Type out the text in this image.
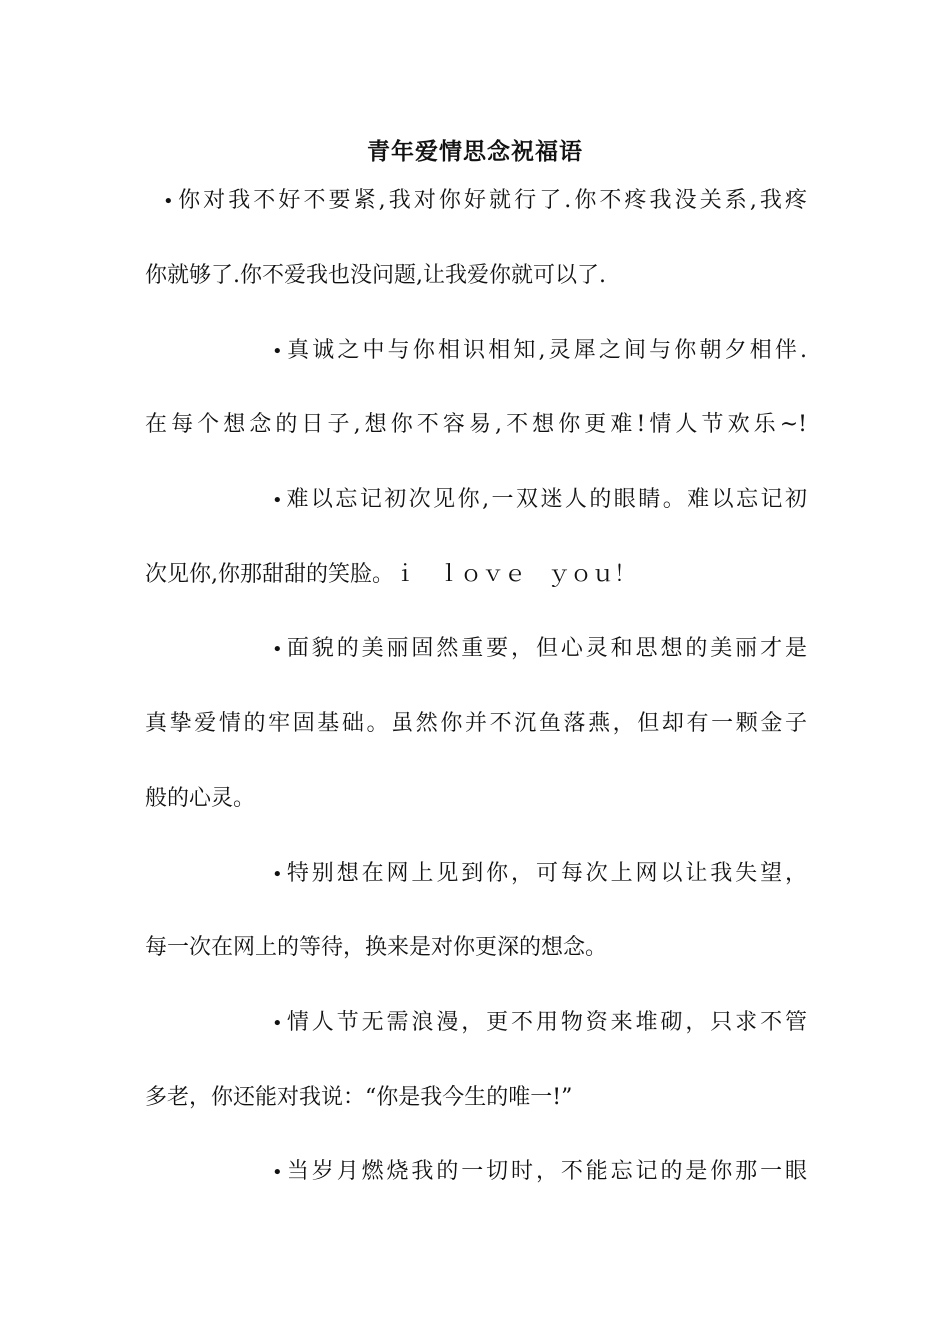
青年爱情思念祝福语
•你对我不好不要紧,我对你好就行了.你不疼我没关系,我疼
你就够了.你不爱我也没问题,让我爱你就可以了.
•真诚之中与你相识相知,灵犀之间与你朝夕相伴.
在每个想念的日子,想你不容易,不想你更难!情人节欢乐~!
•难以忘记初次见你,一双迷人的眼睛。难以忘记初
次见你,你那甜甜的笑脸。ｉ　ｌｏｖｅ　ｙｏｕ！
•面貌的美丽固然重要，但心灵和思想的美丽才是
真挚爱情的牢固基础。虽然你并不沉鱼落燕，但却有一颗金子
般的心灵。
•特别想在网上见到你，可每次上网以让我失望，
每一次在网上的等待，换来是对你更深的想念。
•情人节无需浪漫，更不用物资来堆砌，只求不管
多老，你还能对我说：“你是我今生的唯一!”
•当岁月燃烧我的一切时，不能忘记的是你那一眼
